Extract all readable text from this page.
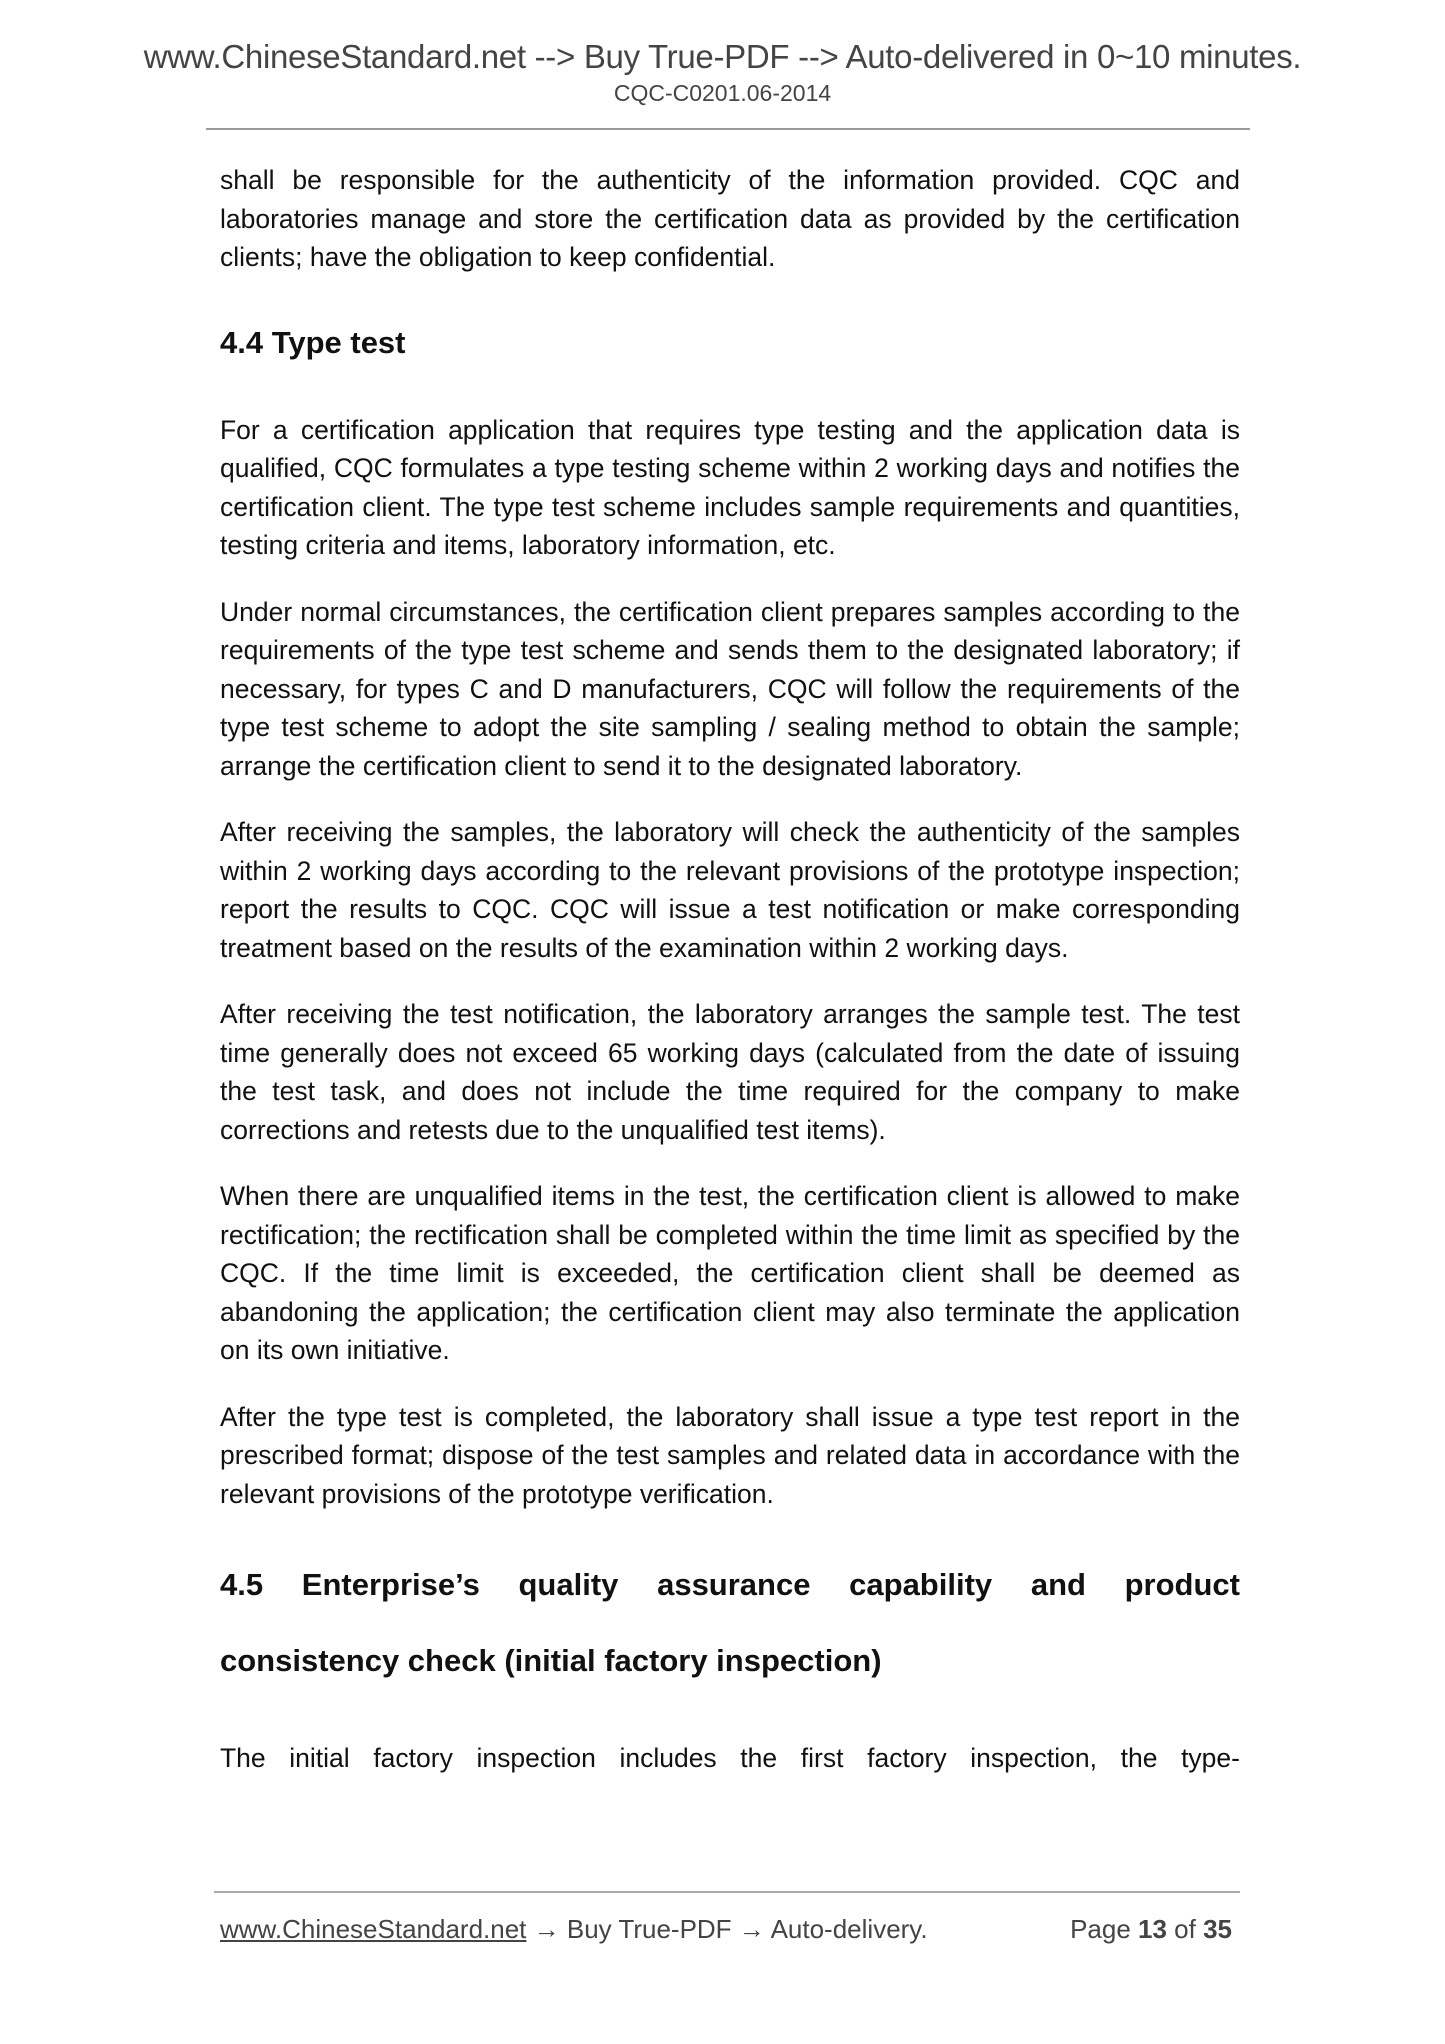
www.ChineseStandard.net --> Buy True-PDF --> Auto-delivered in 0~10 minutes.
CQC-C0201.06-2014

shall be responsible for the authenticity of the information provided. CQC and laboratories manage and store the certification data as provided by the certification clients; have the obligation to keep confidential.

4.4 Type test

For a certification application that requires type testing and the application data is qualified, CQC formulates a type testing scheme within 2 working days and notifies the certification client. The type test scheme includes sample requirements and quantities, testing criteria and items, laboratory information, etc.

Under normal circumstances, the certification client prepares samples according to the requirements of the type test scheme and sends them to the designated laboratory; if necessary, for types C and D manufacturers, CQC will follow the requirements of the type test scheme to adopt the site sampling / sealing method to obtain the sample; arrange the certification client to send it to the designated laboratory.

After receiving the samples, the laboratory will check the authenticity of the samples within 2 working days according to the relevant provisions of the prototype inspection; report the results to CQC. CQC will issue a test notification or make corresponding treatment based on the results of the examination within 2 working days.

After receiving the test notification, the laboratory arranges the sample test. The test time generally does not exceed 65 working days (calculated from the date of issuing the test task, and does not include the time required for the company to make corrections and retests due to the unqualified test items).

When there are unqualified items in the test, the certification client is allowed to make rectification; the rectification shall be completed within the time limit as specified by the CQC. If the time limit is exceeded, the certification client shall be deemed as abandoning the application; the certification client may also terminate the application on its own initiative.

After the type test is completed, the laboratory shall issue a type test report in the prescribed format; dispose of the test samples and related data in accordance with the relevant provisions of the prototype verification.

4.5 Enterprise’s quality assurance capability and product consistency check (initial factory inspection)

The initial factory inspection includes the first factory inspection, the type-

www.ChineseStandard.net → Buy True-PDF → Auto-delivery.	Page 13 of 35
